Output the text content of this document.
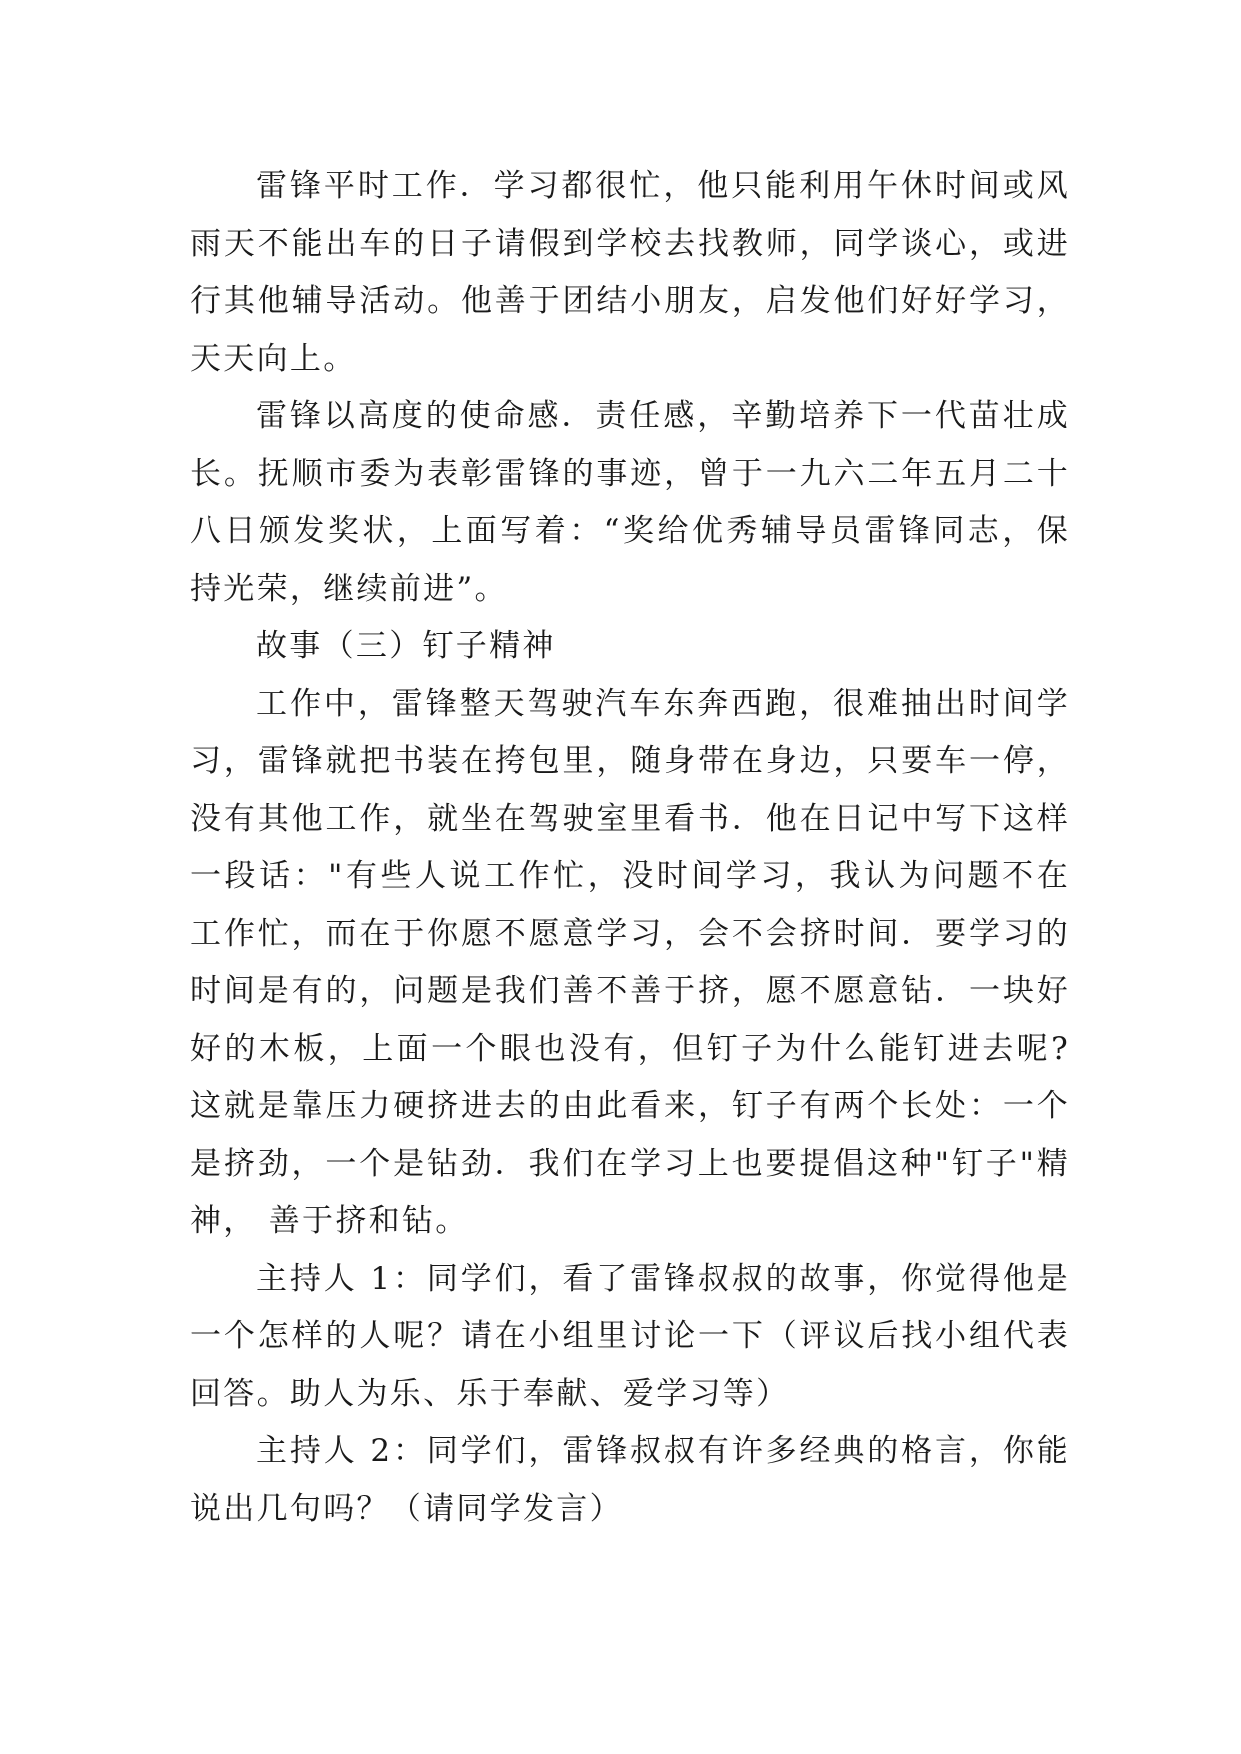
雷锋平时工作．学习都很忙，他只能利用午休时间或风雨天不能出车的日子请假到学校去找教师，同学谈心，或进行其他辅导活动。他善于团结小朋友，启发他们好好学习，天天向上。

雷锋以高度的使命感．责任感，辛勤培养下一代苗壮成长。抚顺市委为表彰雷锋的事迹，曾于一九六二年五月二十八日颁发奖状，上面写着：“奖给优秀辅导员雷锋同志，保持光荣，继续前进”。

故事（三）钉子精神

工作中，雷锋整天驾驶汽车东奔西跑，很难抽出时间学习，雷锋就把书装在挎包里，随身带在身边，只要车一停，没有其他工作，就坐在驾驶室里看书．他在日记中写下这样一段话："有些人说工作忙，没时间学习，我认为问题不在工作忙，而在于你愿不愿意学习，会不会挤时间．要学习的时间是有的，问题是我们善不善于挤，愿不愿意钻．一块好好的木板，上面一个眼也没有，但钉子为什么能钉进去呢?这就是靠压力硬挤进去的由此看来，钉子有两个长处：一个是挤劲，一个是钻劲．我们在学习上也要提倡这种"钉子"精神， 善于挤和钻。

主持人 1：同学们，看了雷锋叔叔的故事，你觉得他是一个怎样的人呢？请在小组里讨论一下（评议后找小组代表回答。助人为乐、乐于奉献、爱学习等）

主持人 2：同学们，雷锋叔叔有许多经典的格言，你能说出几句吗？（请同学发言）
